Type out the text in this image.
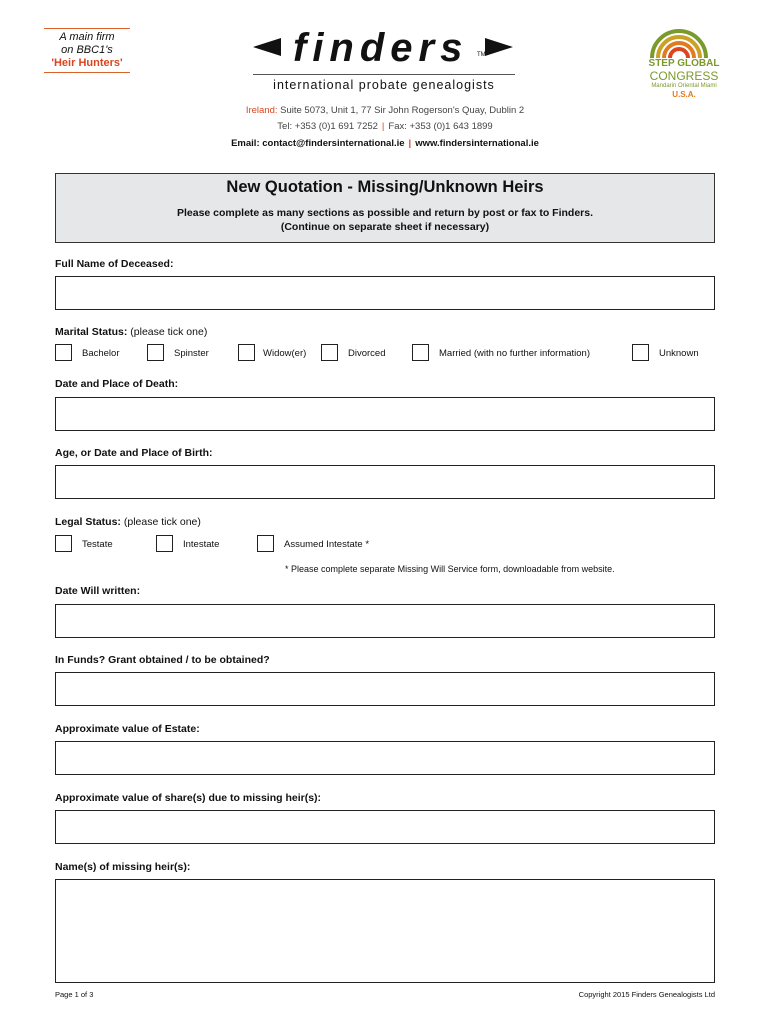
A main firm
on BBC1's
'Heir Hunters'	finders TM
international probate genealogists
Ireland: Suite 5073, Unit 1, 77 Sir John Rogerson's Quay, Dublin 2
Tel: +353 (0)1 691 7252 | Fax: +353 (0)1 643 1899
Email: contact@findersinternational.ie | www.findersinternational.ie
STEP GLOBAL
CONGRESS
Mandarin Oriental Miami
U.S.A.
New Quotation - Missing/Unknown Heirs
Please complete as many sections as possible and return by post or fax to Finders.
(Continue on separate sheet if necessary)
Full Name of Deceased:
Marital Status: (please tick one)
Bachelor	Spinster	Widow(er)	Divorced	Married (with no further information)	Unknown
Date and Place of Death:
Age, or Date and Place of Birth:
Legal Status: (please tick one)
Testate	Intestate	Assumed Intestate *
* Please complete separate Missing Will Service form, downloadable from website.
Date Will written:
In Funds? Grant obtained / to be obtained?
Approximate value of Estate:
Approximate value of share(s) due to missing heir(s):
Name(s) of missing heir(s):
Page 1 of 3	Copyright 2015 Finders Genealogists Ltd
